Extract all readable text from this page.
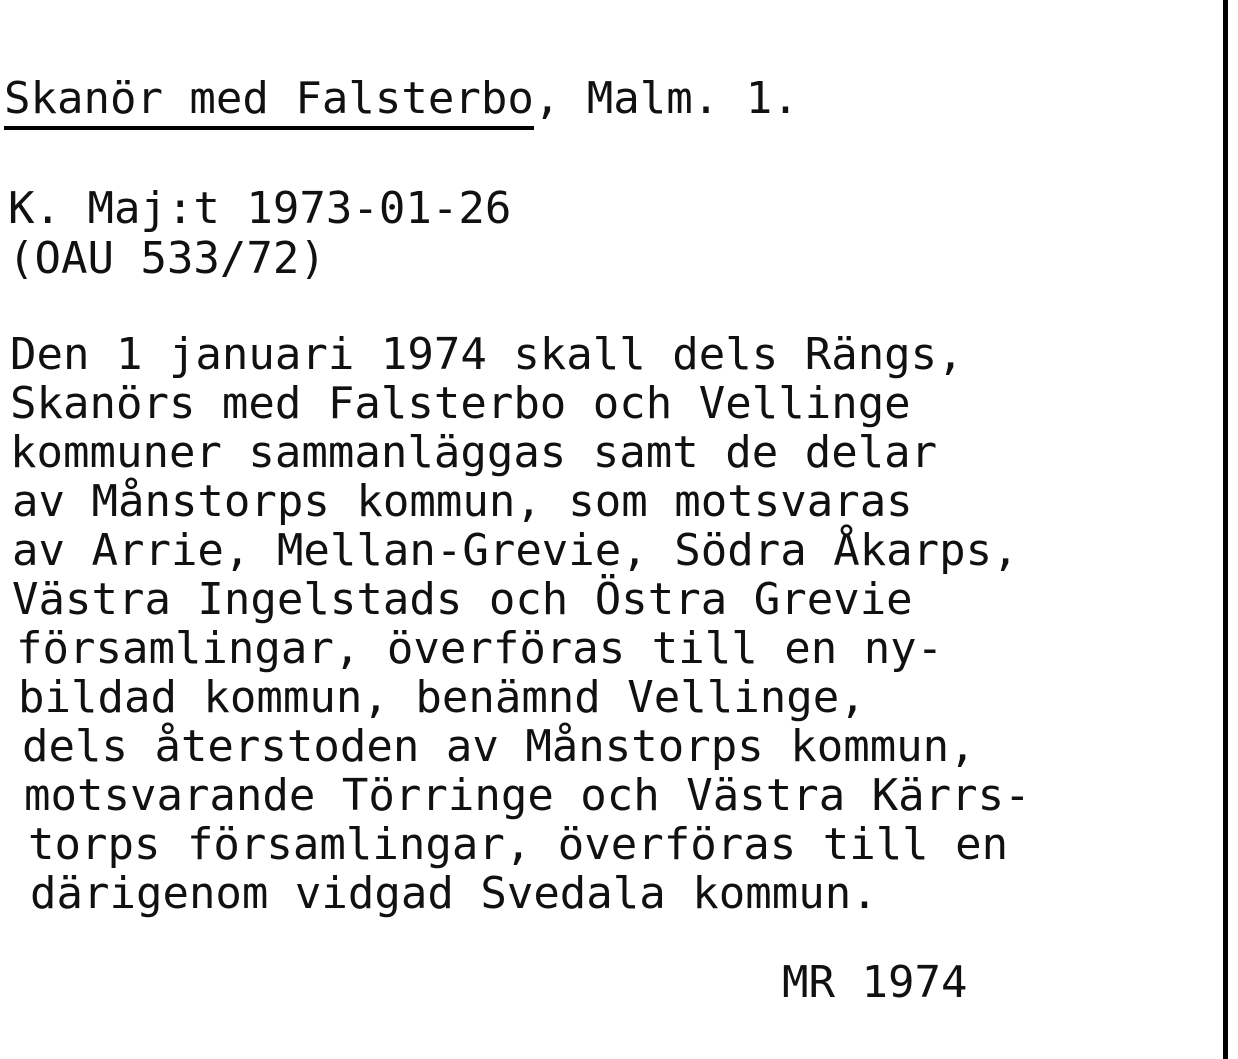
Skanör med Falsterbo, Malm. 1.
K. Maj:t 1973-01-26
(OAU 533/72)
Den 1 januari 1974 skall dels Rängs,
Skanörs med Falsterbo och Vellinge
kommuner sammanläggas samt de delar
av Månstorps kommun, som motsvaras
av Arrie, Mellan-Grevie, Södra Åkarps,
Västra Ingelstads och Östra Grevie
församlingar, överföras till en ny-
bildad kommun, benämnd Vellinge,
dels återstoden av Månstorps kommun,
motsvarande Törringe och Västra Kärrs-
torps församlingar, överföras till en
därigenom vidgad Svedala kommun.
MR 1974
